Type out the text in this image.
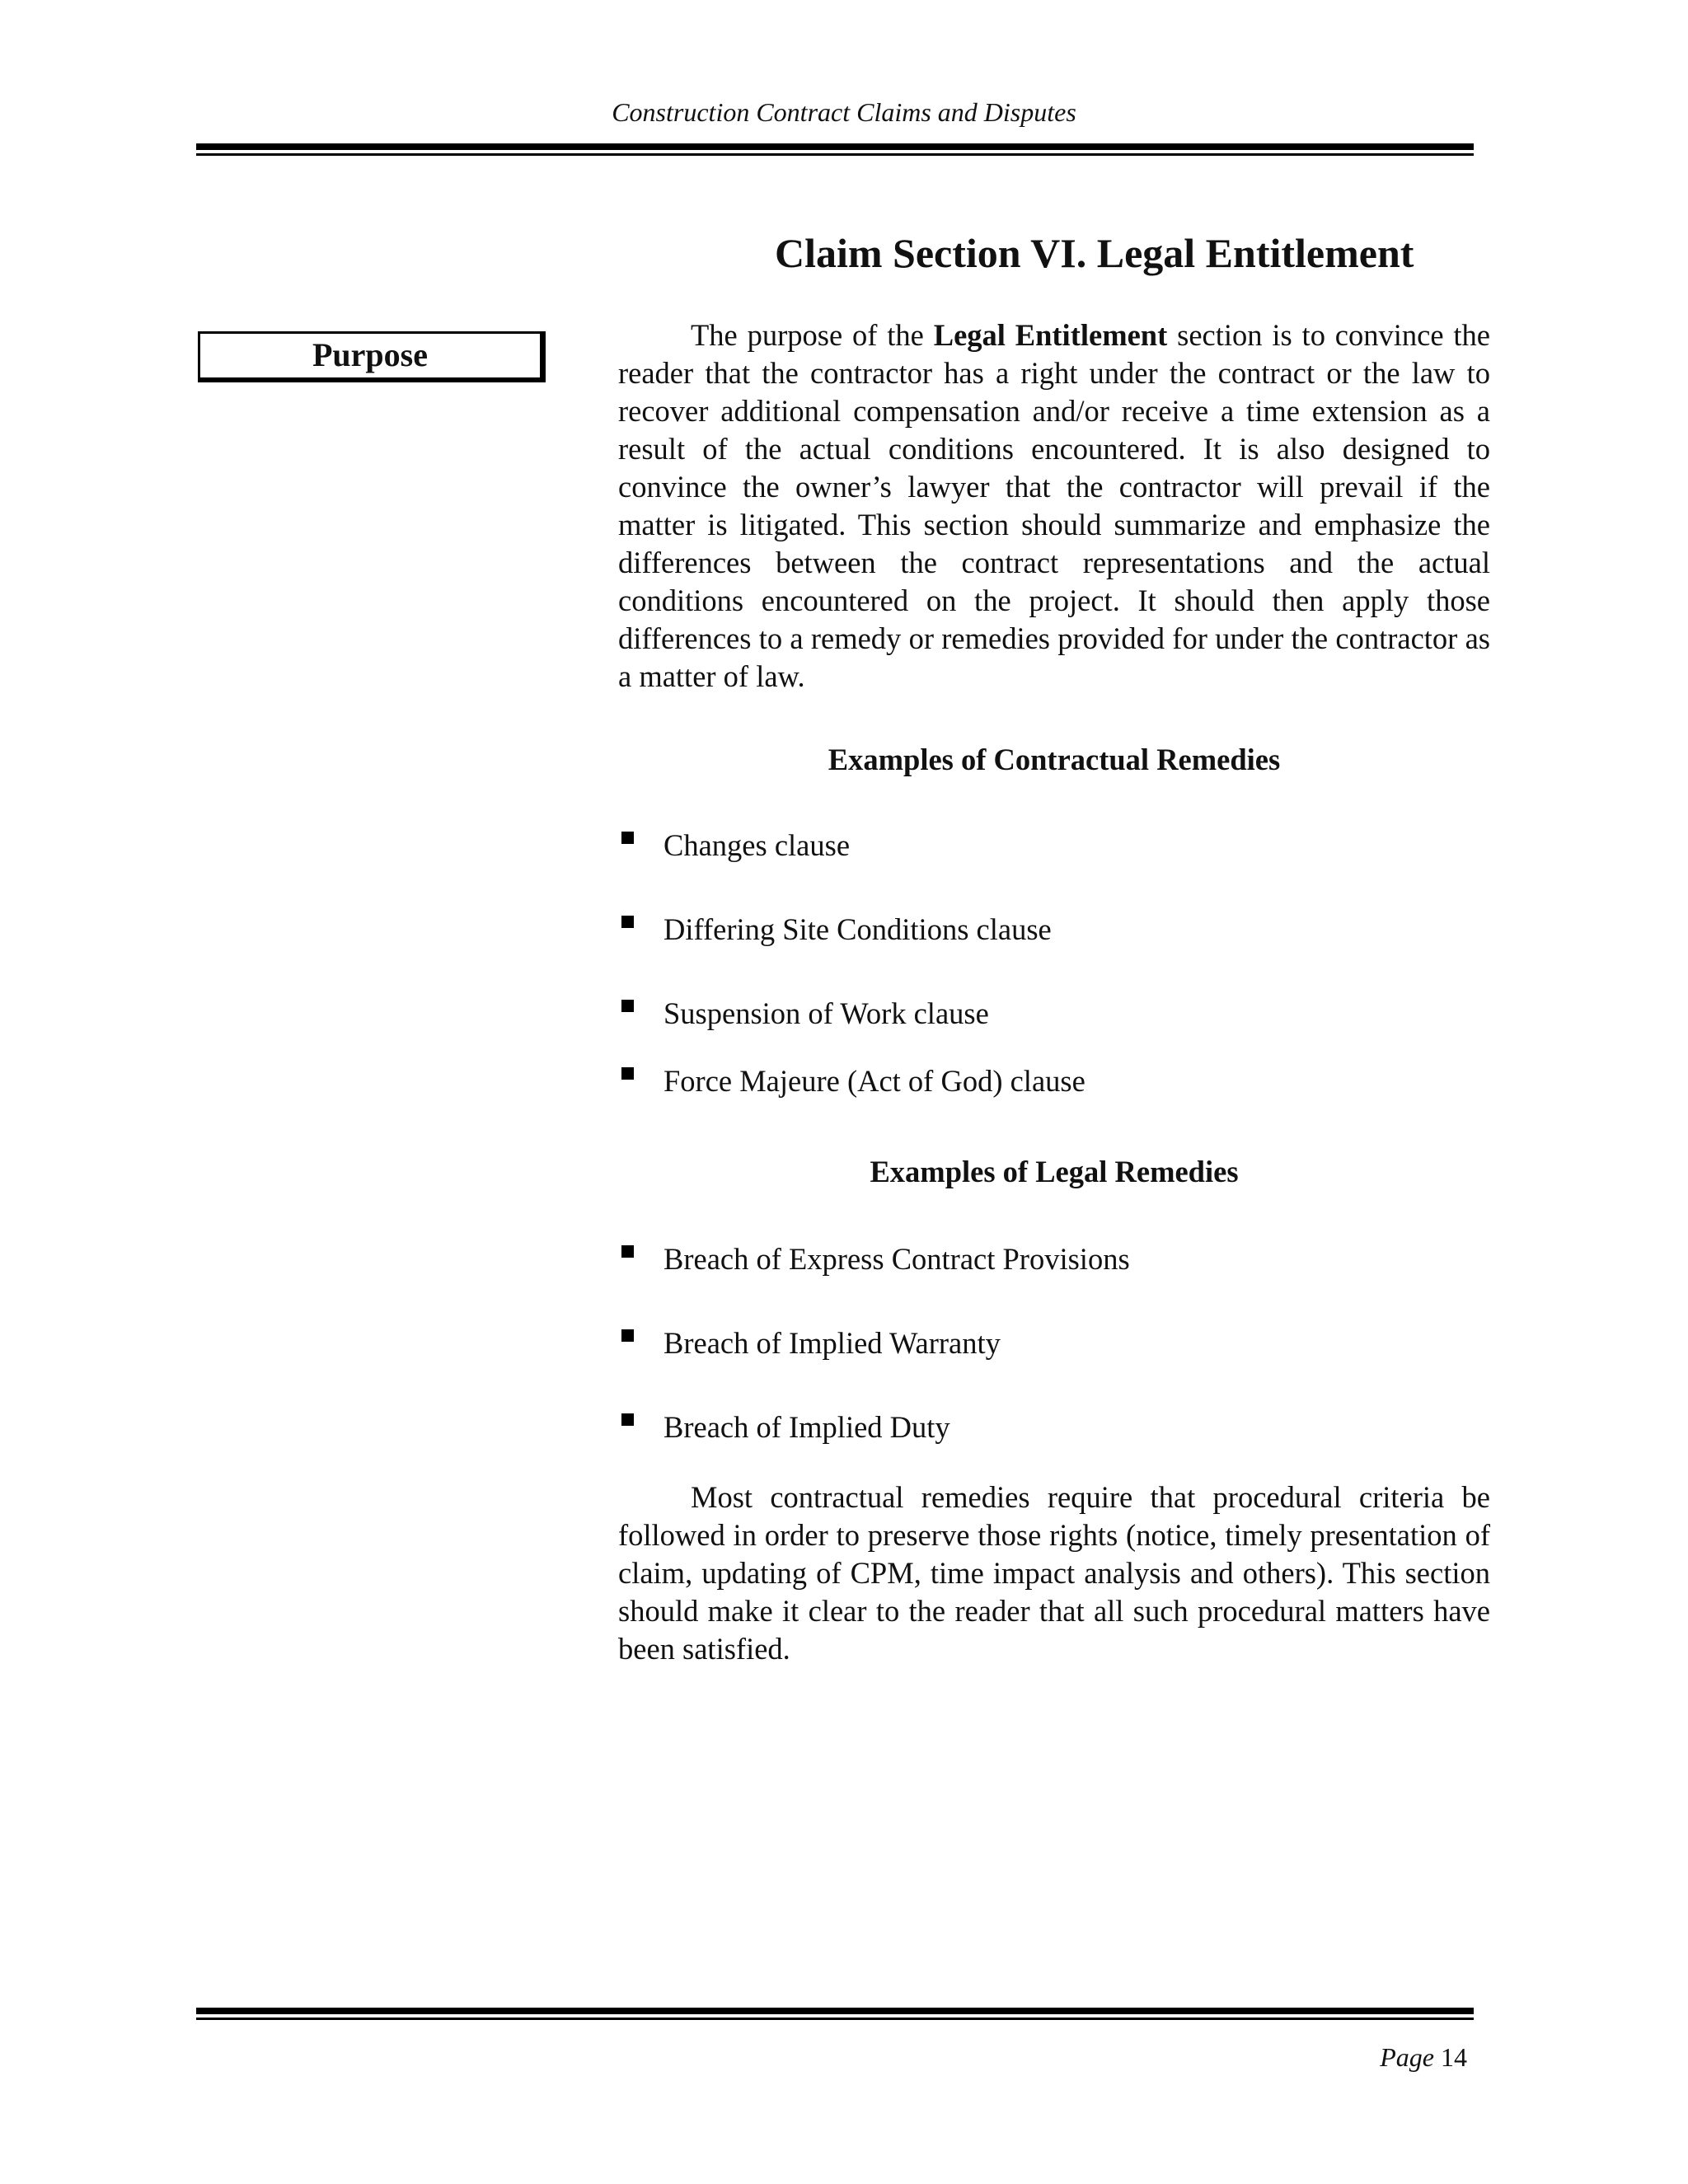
Construction Contract Claims and Disputes
Claim Section VI. Legal Entitlement
Purpose

The purpose of the Legal Entitlement section is to convince the reader that the contractor has a right under the contract or the law to recover additional compensation and/or receive a time extension as a result of the actual conditions encountered. It is also designed to convince the owner’s lawyer that the contractor will prevail if the matter is litigated. This section should summarize and emphasize the differences between the contract representations and the actual conditions encountered on the project. It should then apply those differences to a remedy or remedies provided for under the contractor as a matter of law.

Examples of Contractual Remedies
Changes clause
Differing Site Conditions clause
Suspension of Work clause
Force Majeure (Act of God) clause
Examples of Legal Remedies
Breach of Express Contract Provisions
Breach of Implied Warranty
Breach of Implied Duty

Most contractual remedies require that procedural criteria be followed in order to preserve those rights (notice, timely presentation of claim, updating of CPM, time impact analysis and others). This section should make it clear to the reader that all such procedural matters have been satisfied.

Page 14
